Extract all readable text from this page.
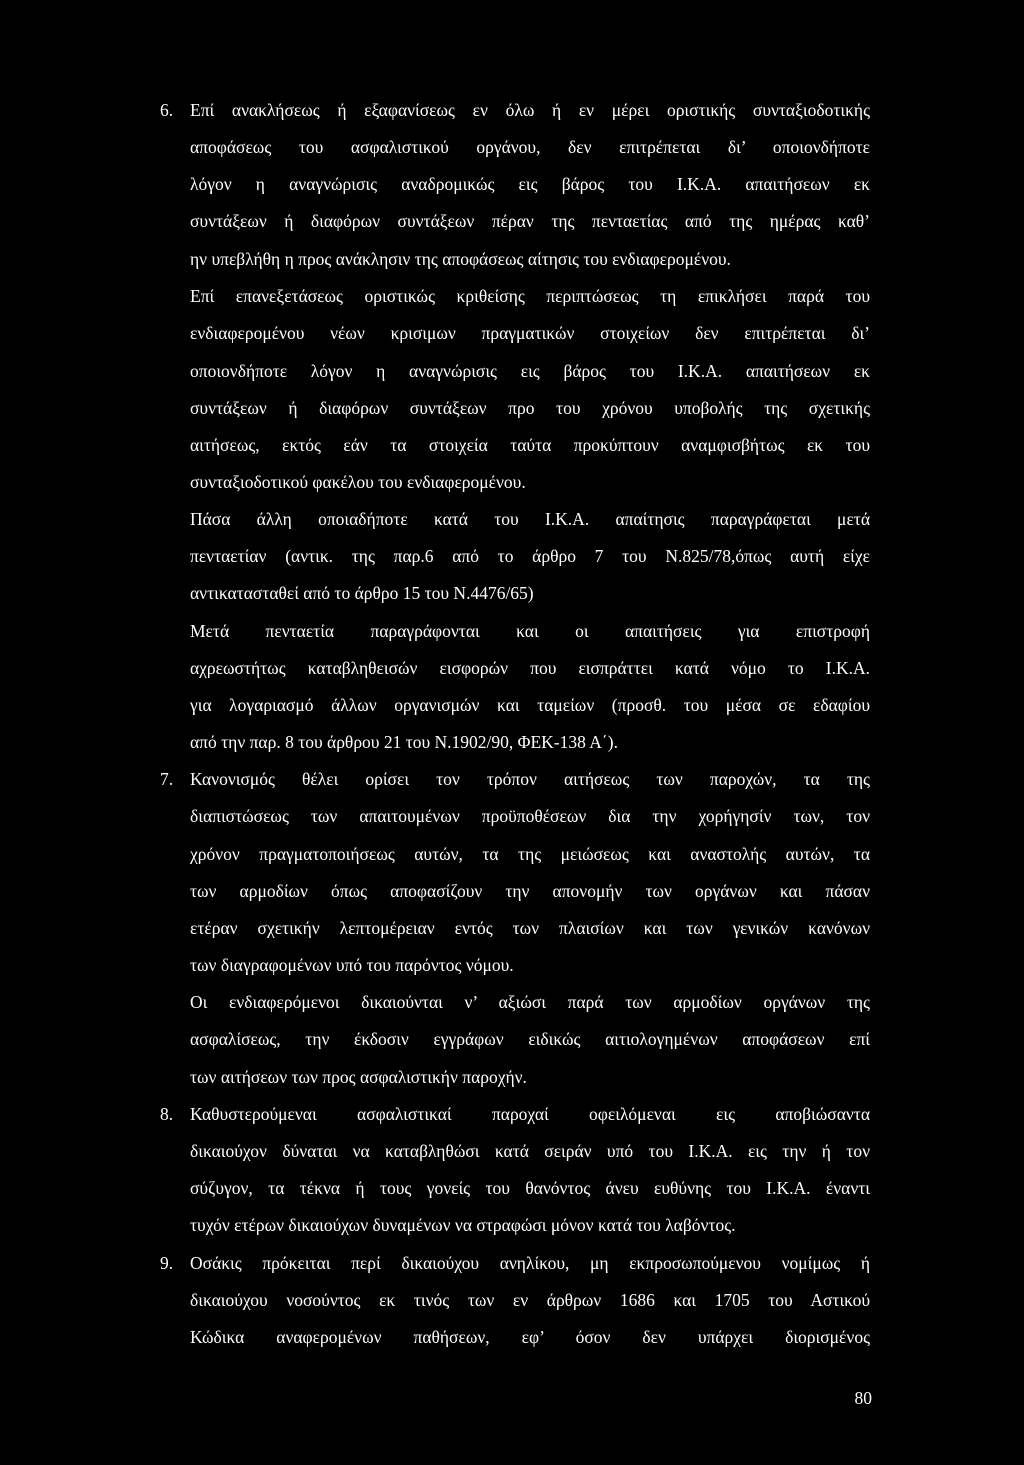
6. Επί ανακλήσεως ή εξαφανίσεως εν όλω ή εν μέρει οριστικής συνταξιοδοτικής
αποφάσεως του ασφαλιστικού οργάνου, δεν επιτρέπεται δι’ οποιονδήποτε
λόγον η αναγνώρισις αναδρομικώς εις βάρος του Ι.Κ.Α. απαιτήσεων εκ
συντάξεων ή διαφόρων συντάξεων πέραν της πενταετίας από της ημέρας καθ’
ην υπεβλήθη η προς ανάκλησιν της αποφάσεως αίτησις του ενδιαφερομένου.
Επί επανεξετάσεως οριστικώς κριθείσης περιπτώσεως τη επικλήσει παρά του
ενδιαφερομένου νέων κρισιμων πραγματικών στοιχείων δεν επιτρέπεται δι’
οποιονδήποτε λόγον η αναγνώρισις εις βάρος του Ι.Κ.Α. απαιτήσεων εκ
συντάξεων ή διαφόρων συντάξεων προ του χρόνου υποβολής της σχετικής
αιτήσεως, εκτός εάν τα στοιχεία ταύτα προκύπτουν αναμφισβήτως εκ του
συνταξιοδοτικού φακέλου του ενδιαφερομένου.
Πάσα άλλη οποιαδήποτε κατά του Ι.Κ.Α. απαίτησις παραγράφεται μετά
πενταετίαν (αντικ. της παρ.6 από το άρθρο 7 του Ν.825/78,όπως αυτή είχε
αντικατασταθεί από το άρθρο 15 του Ν.4476/65)
Μετά πενταετία παραγράφονται και οι απαιτήσεις για επιστροφή
αχρεωστήτως καταβληθεισών εισφορών που εισπράττει κατά νόμο το Ι.Κ.Α.
για λογαριασμό άλλων οργανισμών και ταμείων (προσθ. του μέσα σε εδαφίου
από την παρ. 8 του άρθρου 21 του Ν.1902/90, ΦΕΚ-138 Α΄).
7. Κανονισμός θέλει ορίσει τον τρόπον αιτήσεως των παροχών, τα της
διαπιστώσεως των απαιτουμένων προϋποθέσεων δια την χορήγησίν των, τον
χρόνον πραγματοποιήσεως αυτών, τα της μειώσεως και αναστολής αυτών, τα
των αρμοδίων όπως αποφασίζουν την απονομήν των οργάνων και πάσαν
ετέραν σχετικήν λεπτομέρειαν εντός των πλαισίων και των γενικών κανόνων
των διαγραφομένων υπό του παρόντος νόμου.
Οι ενδιαφερόμενοι δικαιούνται ν’ αξιώσι παρά των αρμοδίων οργάνων της
ασφαλίσεως, την έκδοσιν εγγράφων ειδικώς αιτιολογημένων αποφάσεων επί
των αιτήσεων των προς ασφαλιστικήν παροχήν.
8. Καθυστερούμεναι ασφαλιστικαί παροχαί οφειλόμεναι εις αποβιώσαντα
δικαιούχον δύναται να καταβληθώσι κατά σειράν υπό του Ι.Κ.Α. εις την ή τον
σύζυγον, τα τέκνα ή τους γονείς του θανόντος άνευ ευθύνης του Ι.Κ.Α. έναντι
τυχόν ετέρων δικαιούχων δυναμένων να στραφώσι μόνον κατά του λαβόντος.
9. Οσάκις πρόκειται περί δικαιούχου ανηλίκου, μη εκπροσωπούμενου νομίμως ή
δικαιούχου νοσούντος εκ τινός των εν άρθρων 1686 και 1705 του Αστικού
Κώδικα αναφερομένων παθήσεων, εφ’ όσον δεν υπάρχει διορισμένος
80
